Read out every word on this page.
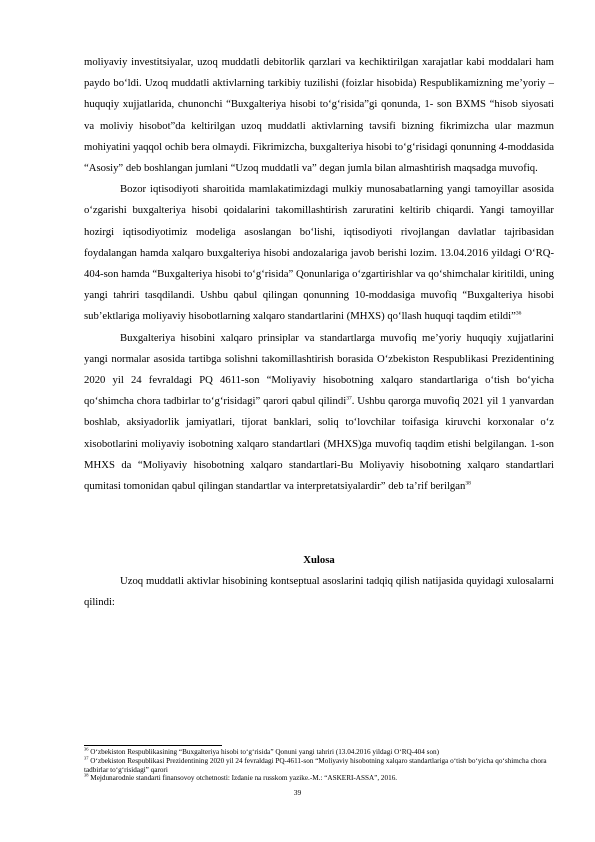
moliyaviy investitsiyalar, uzoq muddatli debitorlik qarzlari va kechiktirilgan xarajatlar kabi moddalari ham paydo bo‘ldi. Uzoq muddatli aktivlarning tarkibiy tuzilishi (foizlar hisobida) Respublikamizning me’yoriy –huquqiy xujjatlarida, chunonchi “Buxgalteriya hisobi to‘g‘risida”gi qonunda, 1- son BXMS “hisob siyosati va moliviy hisobot”da keltirilgan uzoq muddatli aktivlarning tavsifi bizning fikrimizcha ular mazmun mohiyatini yaqqol ochib bera olmaydi. Fikrimizcha, buxgalteriya hisobi to‘g‘risidagi qonunning 4-moddasida “Asosiy” deb boshlangan jumlani “Uzoq muddatli va” degan jumla bilan almashtirish maqsadga muvofiq.

Bozor iqtisodiyoti sharoitida mamlakatimizdagi mulkiy munosabatlarning yangi tamoyillar asosida o‘zgarishi buxgalteriya hisobi qoidalarini takomillashtirish zaruratini keltirib chiqardi. Yangi tamoyillar hozirgi iqtisodiyotimiz modeliga asoslangan bo‘lishi, iqtisodiyoti rivojlangan davlatlar tajribasidan foydalangan hamda xalqaro buxgalteriya hisobi andozalariga javob berishi lozim. 13.04.2016 yildagi O‘RQ-404-son hamda “Buxgalteriya hisobi to‘g‘risida” Qonunlariga o‘zgartirishlar va qo‘shimchalar kiritildi, uning yangi tahriri tasqdilandi. Ushbu qabul qilingan qonunning 10-moddasiga muvofiq “Buxgalteriya hisobi sub’ektlariga moliyaviy hisobotlarning xalqaro standartlarini (MHXS) qo‘llash huquqi taqdim etildi”$^{36}$

Buxgalteriya hisobini xalqaro prinsiplar va standartlarga muvofiq me’yoriy huquqiy xujjatlarini yangi normalar asosida tartibga solishni takomillashtirish borasida O‘zbekiston Respublikasi Prezidentining 2020 yil 24 fevraldagi PQ 4611-son “Moliyaviy hisobotning xalqaro standartlariga o‘tish bo‘yicha qo‘shimcha chora tadbirlar to‘g‘risidagi” qarori qabul qilindi$^{37}$. Ushbu qarorga muvofiq 2021 yil 1 yanvardan boshlab, aksiyadorlik jamiyatlari, tijorat banklari, soliq to‘lovchilar toifasiga kiruvchi korxonalar o‘z xisobotlarini moliyaviy isobotning xalqaro standartlari (MHXS)ga muvofiq taqdim etishi belgilangan. 1-son MHXS da “Moliyaviy hisobotning xalqaro standartlari-Bu Moliyaviy hisobotning xalqaro standartlari qumitasi tomonidan qabul qilingan standartlar va interpretatsiyalardir” deb ta’rif berilgan$^{38}$

Xulosa

Uzoq muddatli aktivlar hisobining kontseptual asoslarini tadqiq qilish natijasida quyidagi xulosalarni qilindi:

$^{36}$ O‘zbekiston Respublikasining “Buxgalteriya hisobi to‘g‘risida” Qonuni yangi tahriri (13.04.2016 yildagi O‘RQ-404 son)

$^{37}$ O‘zbekiston Respublikasi Prezidentining 2020 yil 24 fevraldagi PQ-4611-son “Moliyaviy hisobotning xalqaro standartlariga o‘tish bo‘yicha qo‘shimcha chora tadbirlar to‘g‘risidagi” qarori

$^{38}$ Mejdunarodnie standarti finansovoy otchetnosti: Izdanie na russkom yazike.-M.: “ASKERI-ASSA”, 2016.

39
